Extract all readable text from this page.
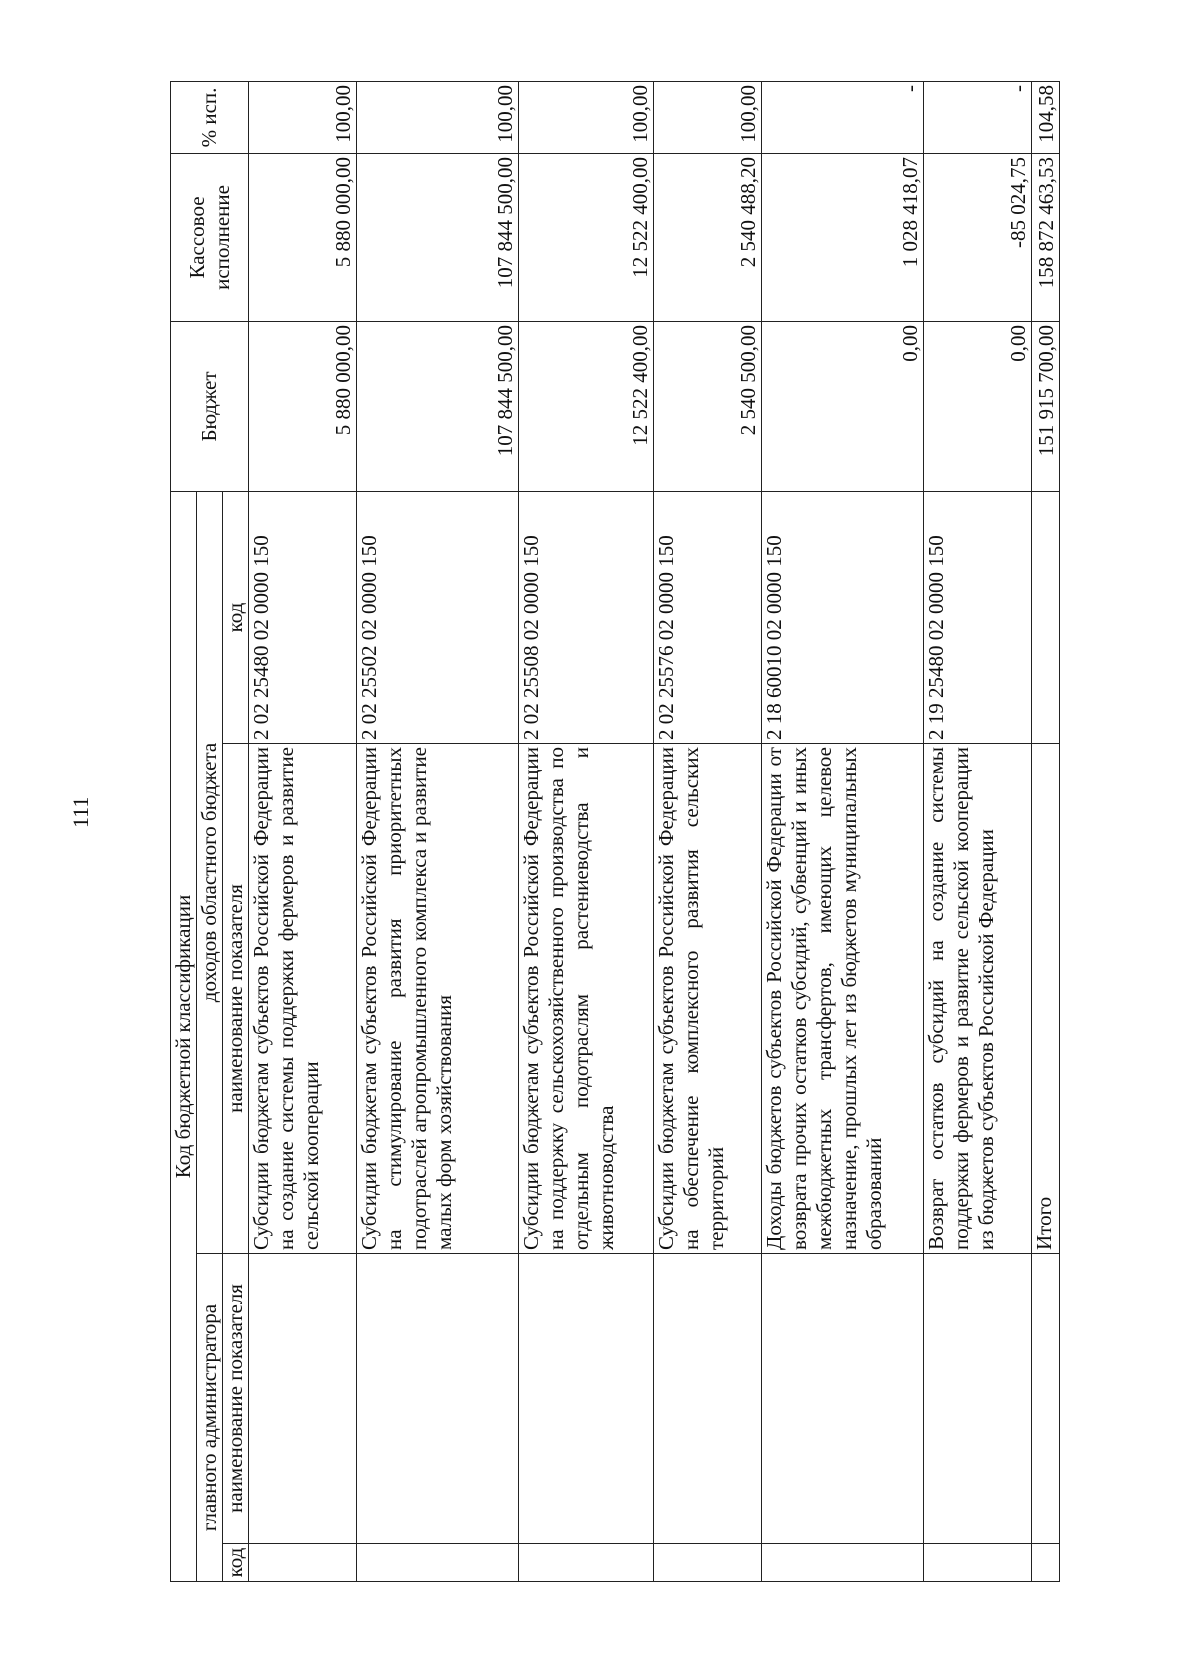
111
Код бюджетной классификации				Бюджет	Кассовое исполнение	% исп.
главного администратора		доходов областного бюджета				
код	наименование показателя	наименование показателя	код			
		Субсидии бюджетам субъектов Российской Федерации на создание системы поддержки фермеров и развитие сельской кооперации	2 02 25480 02 0000 150	5 880 000,00	5 880 000,00	100,00
		Субсидии бюджетам субъектов Российской Федерации на стимулирование развития приоритетных подотраслей агропромышленного комплекса и развитие малых форм хозяйствования	2 02 25502 02 0000 150	107 844 500,00	107 844 500,00	100,00
		Субсидии бюджетам субъектов Российской Федерации на поддержку сельскохозяйственного производства по отдельным подотраслям растениеводства и животноводства	2 02 25508 02 0000 150	12 522 400,00	12 522 400,00	100,00
		Субсидии бюджетам субъектов Российской Федерации на обеспечение комплексного развития сельских территорий	2 02 25576 02 0000 150	2 540 500,00	2 540 488,20	100,00
		Доходы бюджетов субъектов Российской Федерации от возврата прочих остатков субсидий, субвенций и иных межбюджетных трансфертов, имеющих целевое назначение, прошлых лет из бюджетов муниципальных образований	2 18 60010 02 0000 150	0,00	1 028 418,07	-
		Возврат остатков субсидий на создание системы поддержки фермеров и развитие сельской кооперации из бюджетов субъектов Российской Федерации	2 19 25480 02 0000 150	0,00	-85 024,75	-
		Итого		151 915 700,00	158 872 463,53	104,58
